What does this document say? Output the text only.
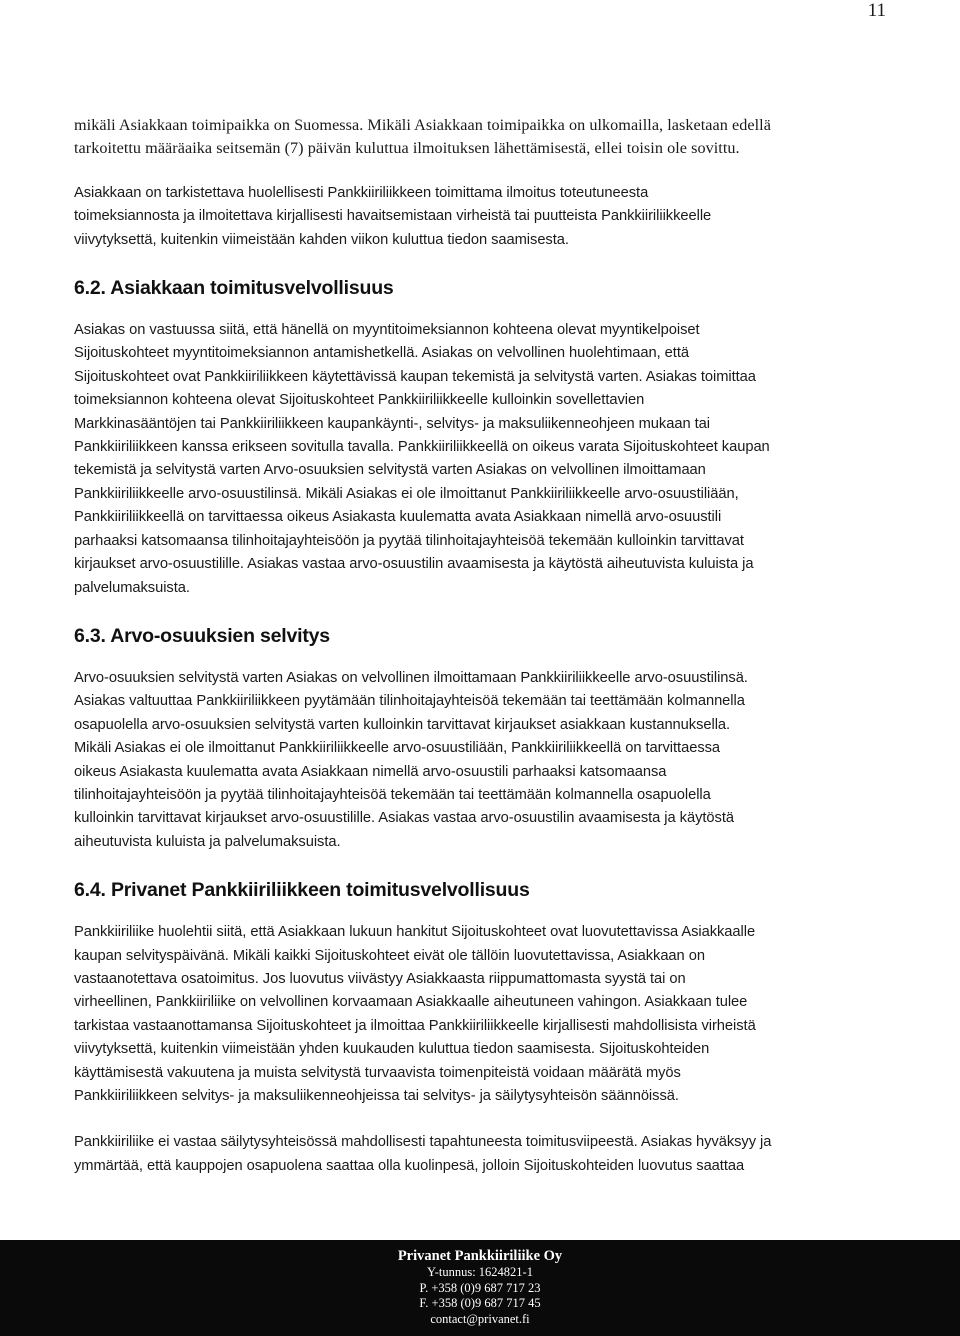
11
mikäli Asiakkaan toimipaikka on Suomessa. Mikäli Asiakkaan toimipaikka on ulkomailla, lasketaan edellä
tarkoitettu määräaika seitsemän (7) päivän kuluttua ilmoituksen lähettämisestä, ellei toisin ole sovittu.
Asiakkaan on tarkistettava huolellisesti Pankkiiriliikkeen toimittama ilmoitus toteutuneesta
toimeksiannosta ja ilmoitettava kirjallisesti havaitsemistaan virheistä tai puutteista Pankkiiriliikkeelle
viivytyksettä, kuitenkin viimeistään kahden viikon kuluttua tiedon saamisesta.
6.2. Asiakkaan toimitusvelvollisuus
Asiakas on vastuussa siitä, että hänellä on myyntitoimeksiannon kohteena olevat myyntikelpoiset
Sijoituskohteet myyntitoimeksiannon antamishetkellä. Asiakas on velvollinen huolehtimaan, että
Sijoituskohteet ovat Pankkiiriliikkeen käytettävissä kaupan tekemistä ja selvitystä varten. Asiakas toimittaa
toimeksiannon kohteena olevat Sijoituskohteet Pankkiiriliikkeelle kulloinkin sovellettavien
Markkinasääntöjen tai Pankkiiriliikkeen kaupankäynti-, selvitys- ja maksuliikenneohjeen mukaan tai
Pankkiiriliikkeen kanssa erikseen sovitulla tavalla. Pankkiiriliikkeellä on oikeus varata Sijoituskohteet kaupan
tekemistä ja selvitystä varten Arvo-osuuksien selvitystä varten Asiakas on velvollinen ilmoittamaan
Pankkiiriliikkeelle arvo-osuustilinsä. Mikäli Asiakas ei ole ilmoittanut Pankkiiriliikkeelle arvo-osuustiliään,
Pankkiiriliikkeellä on tarvittaessa oikeus Asiakasta kuulematta avata Asiakkaan nimellä arvo-osuustili
parhaaksi katsomaansa tilinhoitajayhteisöön ja pyytää tilinhoitajayhteisöä tekemään kulloinkin tarvittavat
kirjaukset arvo-osuustilille. Asiakas vastaa arvo-osuustilin avaamisesta ja käytöstä aiheutuvista kuluista ja
palvelumaksuista.
6.3. Arvo-osuuksien selvitys
Arvo-osuuksien selvitystä varten Asiakas on velvollinen ilmoittamaan Pankkiiriliikkeelle arvo-osuustilinsä.
Asiakas valtuuttaa Pankkiiriliikkeen pyytämään tilinhoitajayhteisöä tekemään tai teettämään kolmannella
osapuolella arvo-osuuksien selvitystä varten kulloinkin tarvittavat kirjaukset asiakkaan kustannuksella.
Mikäli Asiakas ei ole ilmoittanut Pankkiiriliikkeelle arvo-osuustiliään, Pankkiiriliikkeellä on tarvittaessa
oikeus Asiakasta kuulematta avata Asiakkaan nimellä arvo-osuustili parhaaksi katsomaansa
tilinhoitajayhteisöön ja pyytää tilinhoitajayhteisöä tekemään tai teettämään kolmannella osapuolella
kulloinkin tarvittavat kirjaukset arvo-osuustilille. Asiakas vastaa arvo-osuustilin avaamisesta ja käytöstä
aiheutuvista kuluista ja palvelumaksuista.
6.4. Privanet Pankkiiriliikkeen toimitusvelvollisuus
Pankkiiriliike huolehtii siitä, että Asiakkaan lukuun hankitut Sijoituskohteet ovat luovutettavissa Asiakkaalle
kaupan selvityspäivänä. Mikäli kaikki Sijoituskohteet eivät ole tällöin luovutettavissa, Asiakkaan on
vastaanotettava osatoimitus. Jos luovutus viivästyy Asiakkaasta riippumattomasta syystä tai on
virheellinen, Pankkiiriliike on velvollinen korvaamaan Asiakkaalle aiheutuneen vahingon. Asiakkaan tulee
tarkistaa vastaanottamansa Sijoituskohteet ja ilmoittaa Pankkiiriliikkeelle kirjallisesti mahdollisista virheistä
viivytyksettä, kuitenkin viimeistään yhden kuukauden kuluttua tiedon saamisesta. Sijoituskohteiden
käyttämisestä vakuutena ja muista selvitystä turvaavista toimenpiteistä voidaan määrätä myös
Pankkiiriliikkeen selvitys- ja maksuliikenneohjeissa tai selvitys- ja säilytysyhteisön säännöissä.
Pankkiiriliike ei vastaa säilytysyhteisössä mahdollisesti tapahtuneesta toimitusviipeestä. Asiakas hyväksyy ja
ymmärtää, että kauppojen osapuolena saattaa olla kuolinpesä, jolloin Sijoituskohteiden luovutus saattaa
Privanet Pankkiiriliike Oy
Y-tunnus: 1624821-1
P. +358 (0)9 687 717 23
F. +358 (0)9 687 717 45
contact@privanet.fi
